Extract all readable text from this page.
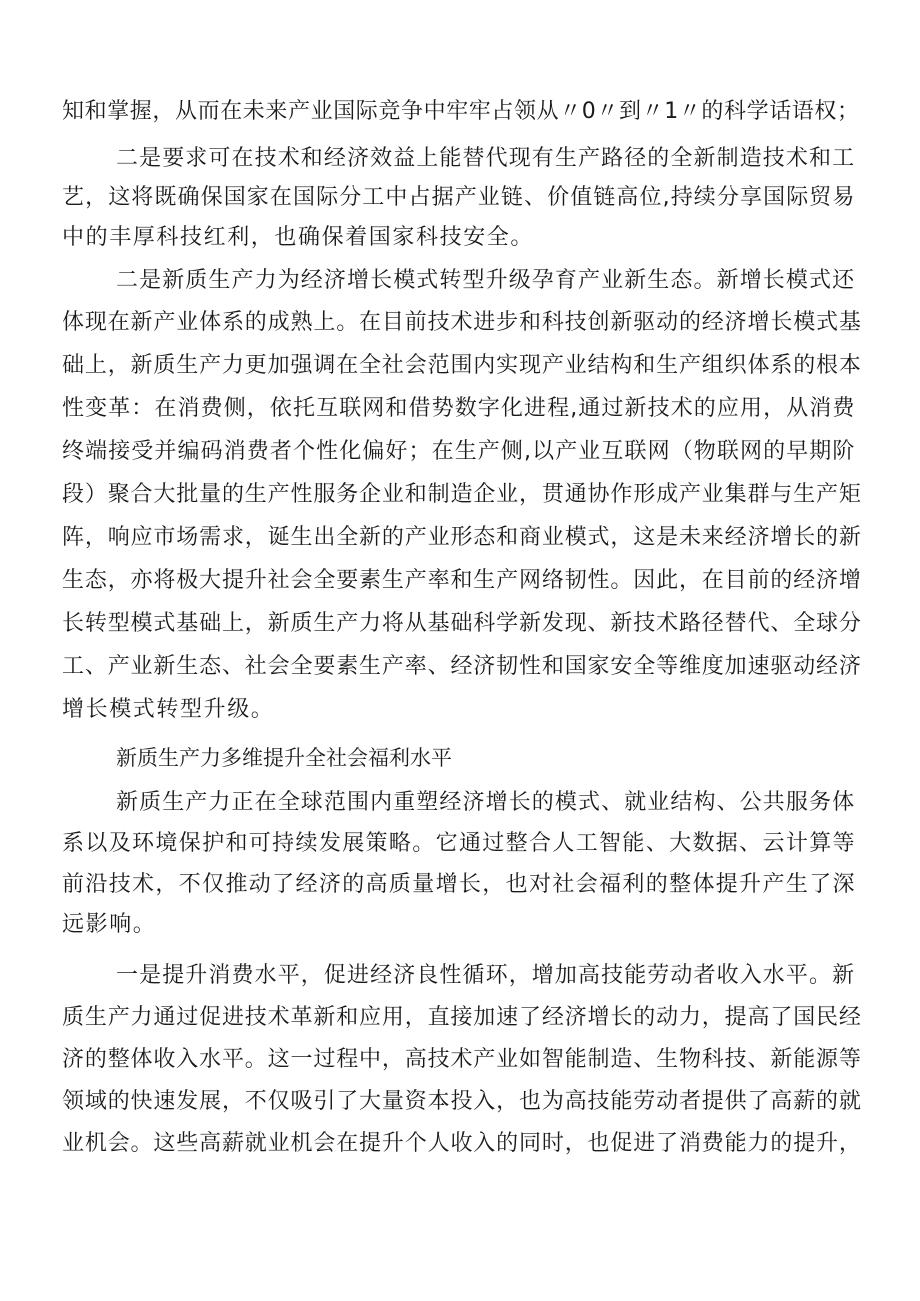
知和掌握，从而在未来产业国际竞争中牢牢占领从〃0〃到〃1〃的科学话语权；
二是要求可在技术和经济效益上能替代现有生产路径的全新制造技术和工
艺，这将既确保国家在国际分工中占据产业链、价值链高位,持续分享国际贸易
中的丰厚科技红利，也确保着国家科技安全。
二是新质生产力为经济增长模式转型升级孕育产业新生态。新增长模式还
体现在新产业体系的成熟上。在目前技术进步和科技创新驱动的经济增长模式基
础上，新质生产力更加强调在全社会范围内实现产业结构和生产组织体系的根本
性变革：在消费侧，依托互联网和借势数字化进程,通过新技术的应用，从消费
终端接受并编码消费者个性化偏好；在生产侧,以产业互联网（物联网的早期阶
段）聚合大批量的生产性服务企业和制造企业，贯通协作形成产业集群与生产矩
阵，响应市场需求，诞生出全新的产业形态和商业模式，这是未来经济增长的新
生态，亦将极大提升社会全要素生产率和生产网络韧性。因此，在目前的经济增
长转型模式基础上，新质生产力将从基础科学新发现、新技术路径替代、全球分
工、产业新生态、社会全要素生产率、经济韧性和国家安全等维度加速驱动经济
增长模式转型升级。
新质生产力多维提升全社会福利水平
新质生产力正在全球范围内重塑经济增长的模式、就业结构、公共服务体
系以及环境保护和可持续发展策略。它通过整合人工智能、大数据、云计算等
前沿技术，不仅推动了经济的高质量增长，也对社会福利的整体提升产生了深
远影响。
一是提升消费水平，促进经济良性循环，增加高技能劳动者收入水平。新
质生产力通过促进技术革新和应用，直接加速了经济增长的动力，提高了国民经
济的整体收入水平。这一过程中，高技术产业如智能制造、生物科技、新能源等
领域的快速发展，不仅吸引了大量资本投入，也为高技能劳动者提供了高薪的就
业机会。这些高薪就业机会在提升个人收入的同时，也促进了消费能力的提升，
